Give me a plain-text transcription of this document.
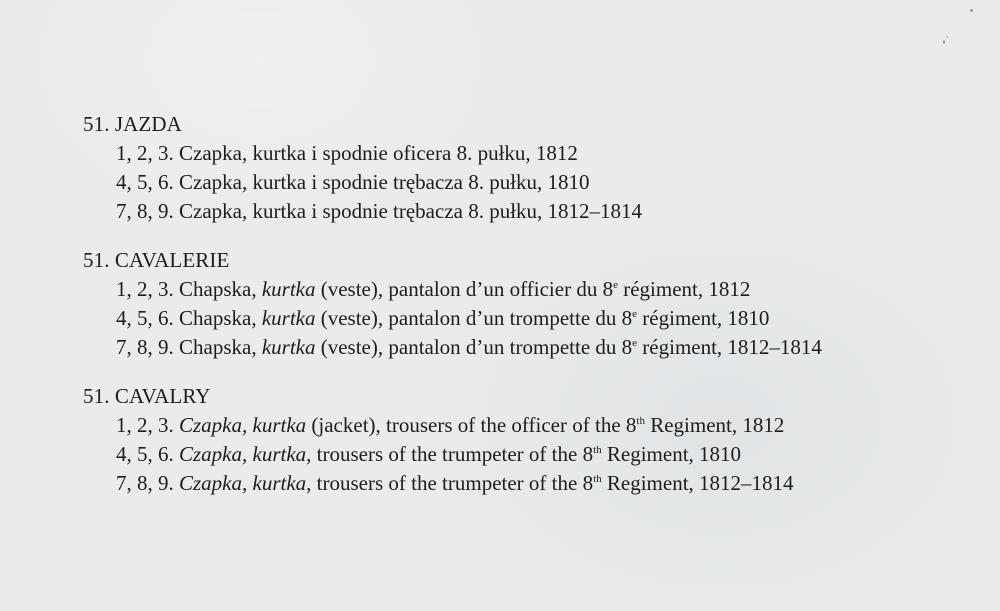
51. JAZDA
1, 2, 3. Czapka, kurtka i spodnie oficera 8. pułku, 1812
4, 5, 6. Czapka, kurtka i spodnie trębacza 8. pułku, 1810
7, 8, 9. Czapka, kurtka i spodnie trębacza 8. pułku, 1812–1814
51. CAVALERIE
1, 2, 3. Chapska, kurtka (veste), pantalon d’un officier du 8e régiment, 1812
4, 5, 6. Chapska, kurtka (veste), pantalon d’un trompette du 8e régiment, 1810
7, 8, 9. Chapska, kurtka (veste), pantalon d’un trompette du 8e régiment, 1812–1814
51. CAVALRY
1, 2, 3. Czapka, kurtka (jacket), trousers of the officer of the 8th Regiment, 1812
4, 5, 6. Czapka, kurtka, trousers of the trumpeter of the 8th Regiment, 1810
7, 8, 9. Czapka, kurtka, trousers of the trumpeter of the 8th Regiment, 1812–1814
